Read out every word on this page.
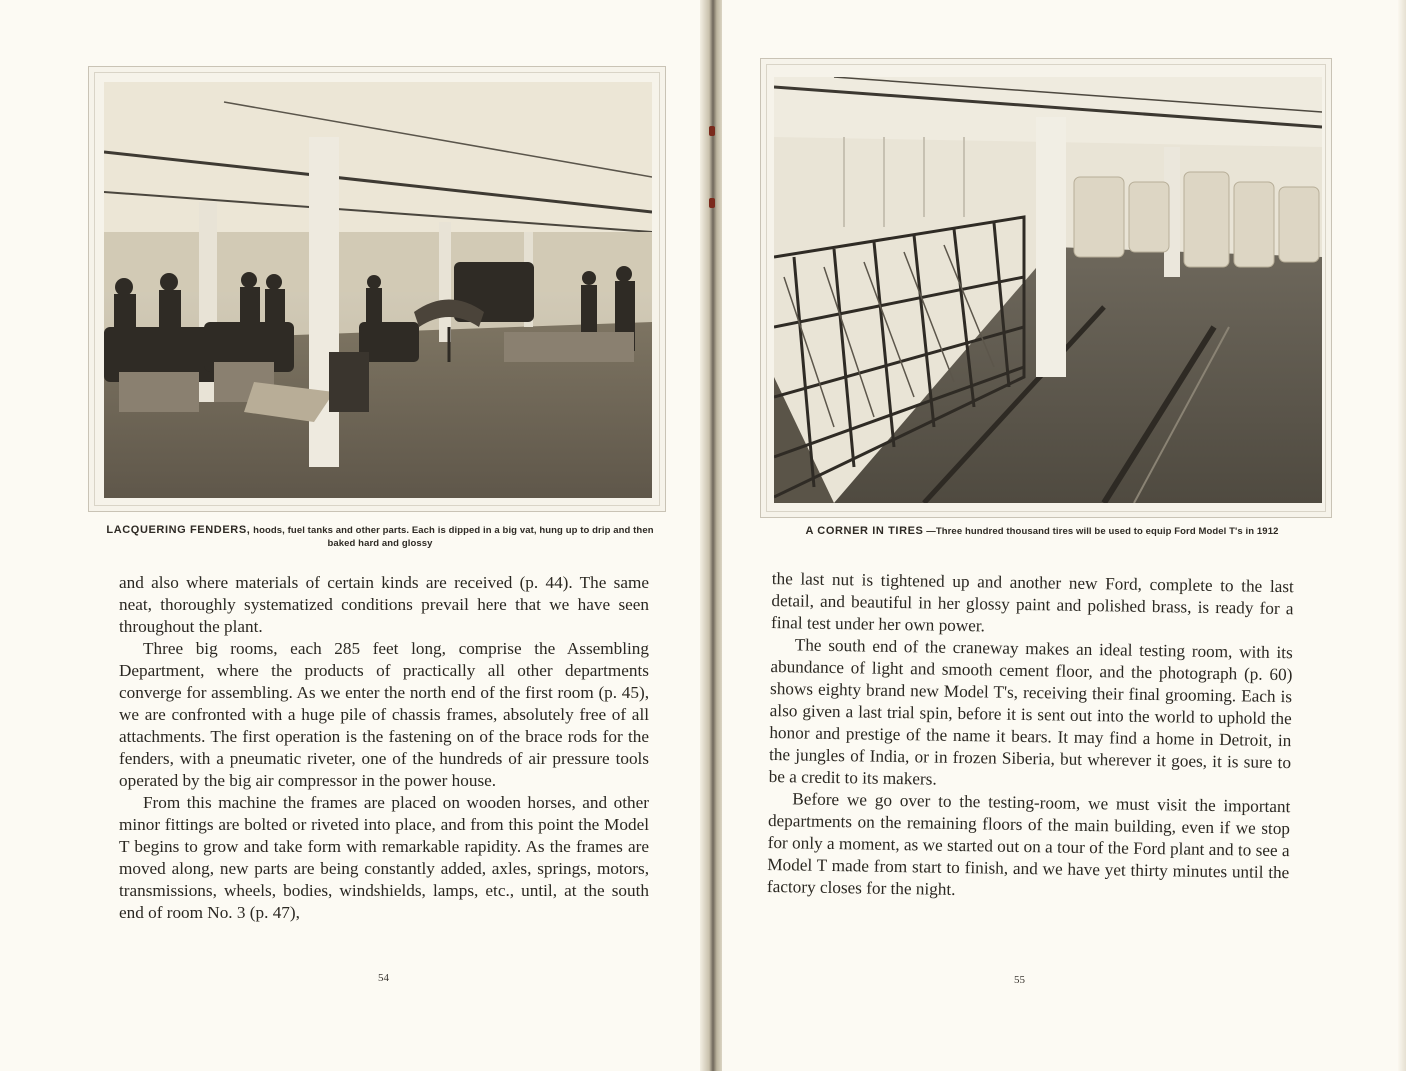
LACQUERING FENDERS, hoods, fuel tanks and other parts. Each is dipped in a big vat, hung up to drip and then baked hard and glossy

and also where materials of certain kinds are received (p. 44). The same neat, thoroughly systematized conditions prevail here that we have seen throughout the plant.

Three big rooms, each 285 feet long, comprise the Assembling Department, where the products of practically all other departments converge for assembling. As we enter the north end of the first room (p. 45), we are confronted with a huge pile of chassis frames, absolutely free of all attachments. The first operation is the fastening on of the brace rods for the fenders, with a pneumatic riveter, one of the hundreds of air pressure tools operated by the big air compressor in the power house.

From this machine the frames are placed on wooden horses, and other minor fittings are bolted or riveted into place, and from this point the Model T begins to grow and take form with remarkable rapidity. As the frames are moved along, new parts are being constantly added, axles, springs, motors, transmissions, wheels, bodies, windshields, lamps, etc., until, at the south end of room No. 3 (p. 47),

54
A CORNER IN TIRES —Three hundred thousand tires will be used to equip Ford Model T's in 1912

the last nut is tightened up and another new Ford, complete to the last detail, and beautiful in her glossy paint and polished brass, is ready for a final test under her own power.

The south end of the craneway makes an ideal testing room, with its abundance of light and smooth cement floor, and the photograph (p. 60) shows eighty brand new Model T's, receiving their final grooming. Each is also given a last trial spin, before it is sent out into the world to uphold the honor and prestige of the name it bears. It may find a home in Detroit, in the jungles of India, or in frozen Siberia, but wherever it goes, it is sure to be a credit to its makers.

Before we go over to the testing-room, we must visit the important departments on the remaining floors of the main building, even if we stop for only a moment, as we started out on a tour of the Ford plant and to see a Model T made from start to finish, and we have yet thirty minutes until the factory closes for the night.

55
